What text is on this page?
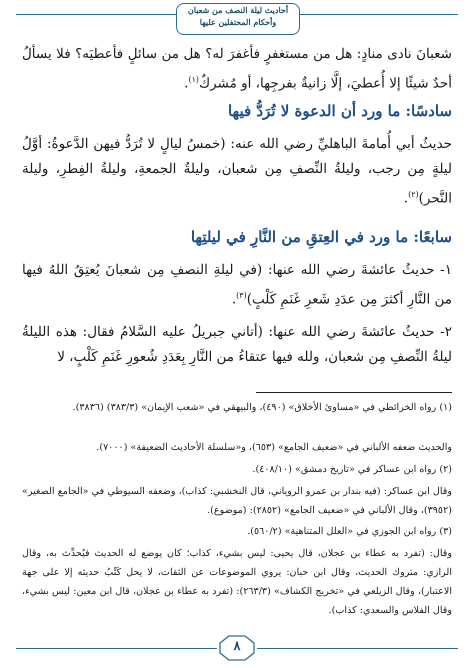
أحاديث ليلة النصف من شعبان
وأحكام المحتفلين عليها
شعبانَ نادى منادٍ: هل من مستغفرٍ فأغفرَ له؟ هل من سائلٍ فأعطيَه؟ فلا يسألُ أحدٌ شيئًا إلا أُعطيَ، إلَّا زانيةٌ بفرجِها، أو مُشركٌ$^{(١)}$.
سادسًا: ما ورد أن الدعوة لا تُرَدُّ فيها
حديثُ أبي أُمامةَ الباهليِّ رضي الله عنه: (خمسُ ليالٍ لا تُرَدُّ فيهن الدَّعوةُ: أوَّلُ ليلةٍ مِن رجب، وليلةُ النِّصفِ مِن شعبان، وليلةُ الجمعةِ، وليلةُ الفِطرِ، وليلة النَّحر)$^{(٢)}$.
سابعًا: ما ورد في العِتقِ من النَّارِ في ليلتِها
١- حديثُ عائشةَ رضي الله عنها: (في ليلةِ النصفِ مِن شعبانَ يُعتِقُ اللهُ فيها من النَّارِ أكثرَ مِن عدَدِ شَعرِ غَنَمِ كَلْبٍ)$^{(٣)}$.
٢- حديثُ عائشةَ رضي الله عنها: (أتاني جبريلُ عليه السَّلامُ فقال: هذه الليلةُ ليلةُ النِّصفِ مِن شعبان، ولله فيها عتقاءُ من النَّارِ بِعَدَدِ شُعورِ غَنَمِ كَلْبٍ، لا
(١) رواه الخرائطي في «مساوئ الأخلاق» (٤٩٠)، والبيهقي في «شعب الإيمان» (٣٨٣/٣) (٣٨٣٦).
والحديث ضعفه الألباني في «ضعيف الجامع» (٦٥٣)، و«سلسلة الأحاديث الضعيفة» (٧٠٠٠).
(٢) رواه ابن عساكر في «تاريخ دمشق» (٤٠٨/١٠).
وقال ابن عساكر: (فيه بندار بن عمرو الروياني، قال النخشبي: كذاب)، وضعفه السيوطي في «الجامع الصغير» (٣٩٥٢)، وقال الألباني في «ضعيف الجامع» (٢٨٥٢): (موضوع).
(٣) رواه ابن الجوزي في «العلل المتناهية» (٥٦٠/٢).
وقال: (تفرد به عطاء بن عجلان، قال يحيى: ليس بشيء، كذاب؛ كان يوضع له الحديث فيُحدِّث به، وقال الرازي: متروك الحديث، وقال ابن حبان: يروي الموضوعات عن الثقات، لا يحل كَتْبُ حديثه إلا على جهة الاعتبار)، وقال الزيلعي في «تخريج الكشاف» (٢٦٣/٣): (تفرد به عطاء بن عجلان، قال ابن معين: ليس بشيء، وقال الفلاس والسعدي: كذاب).
٨
